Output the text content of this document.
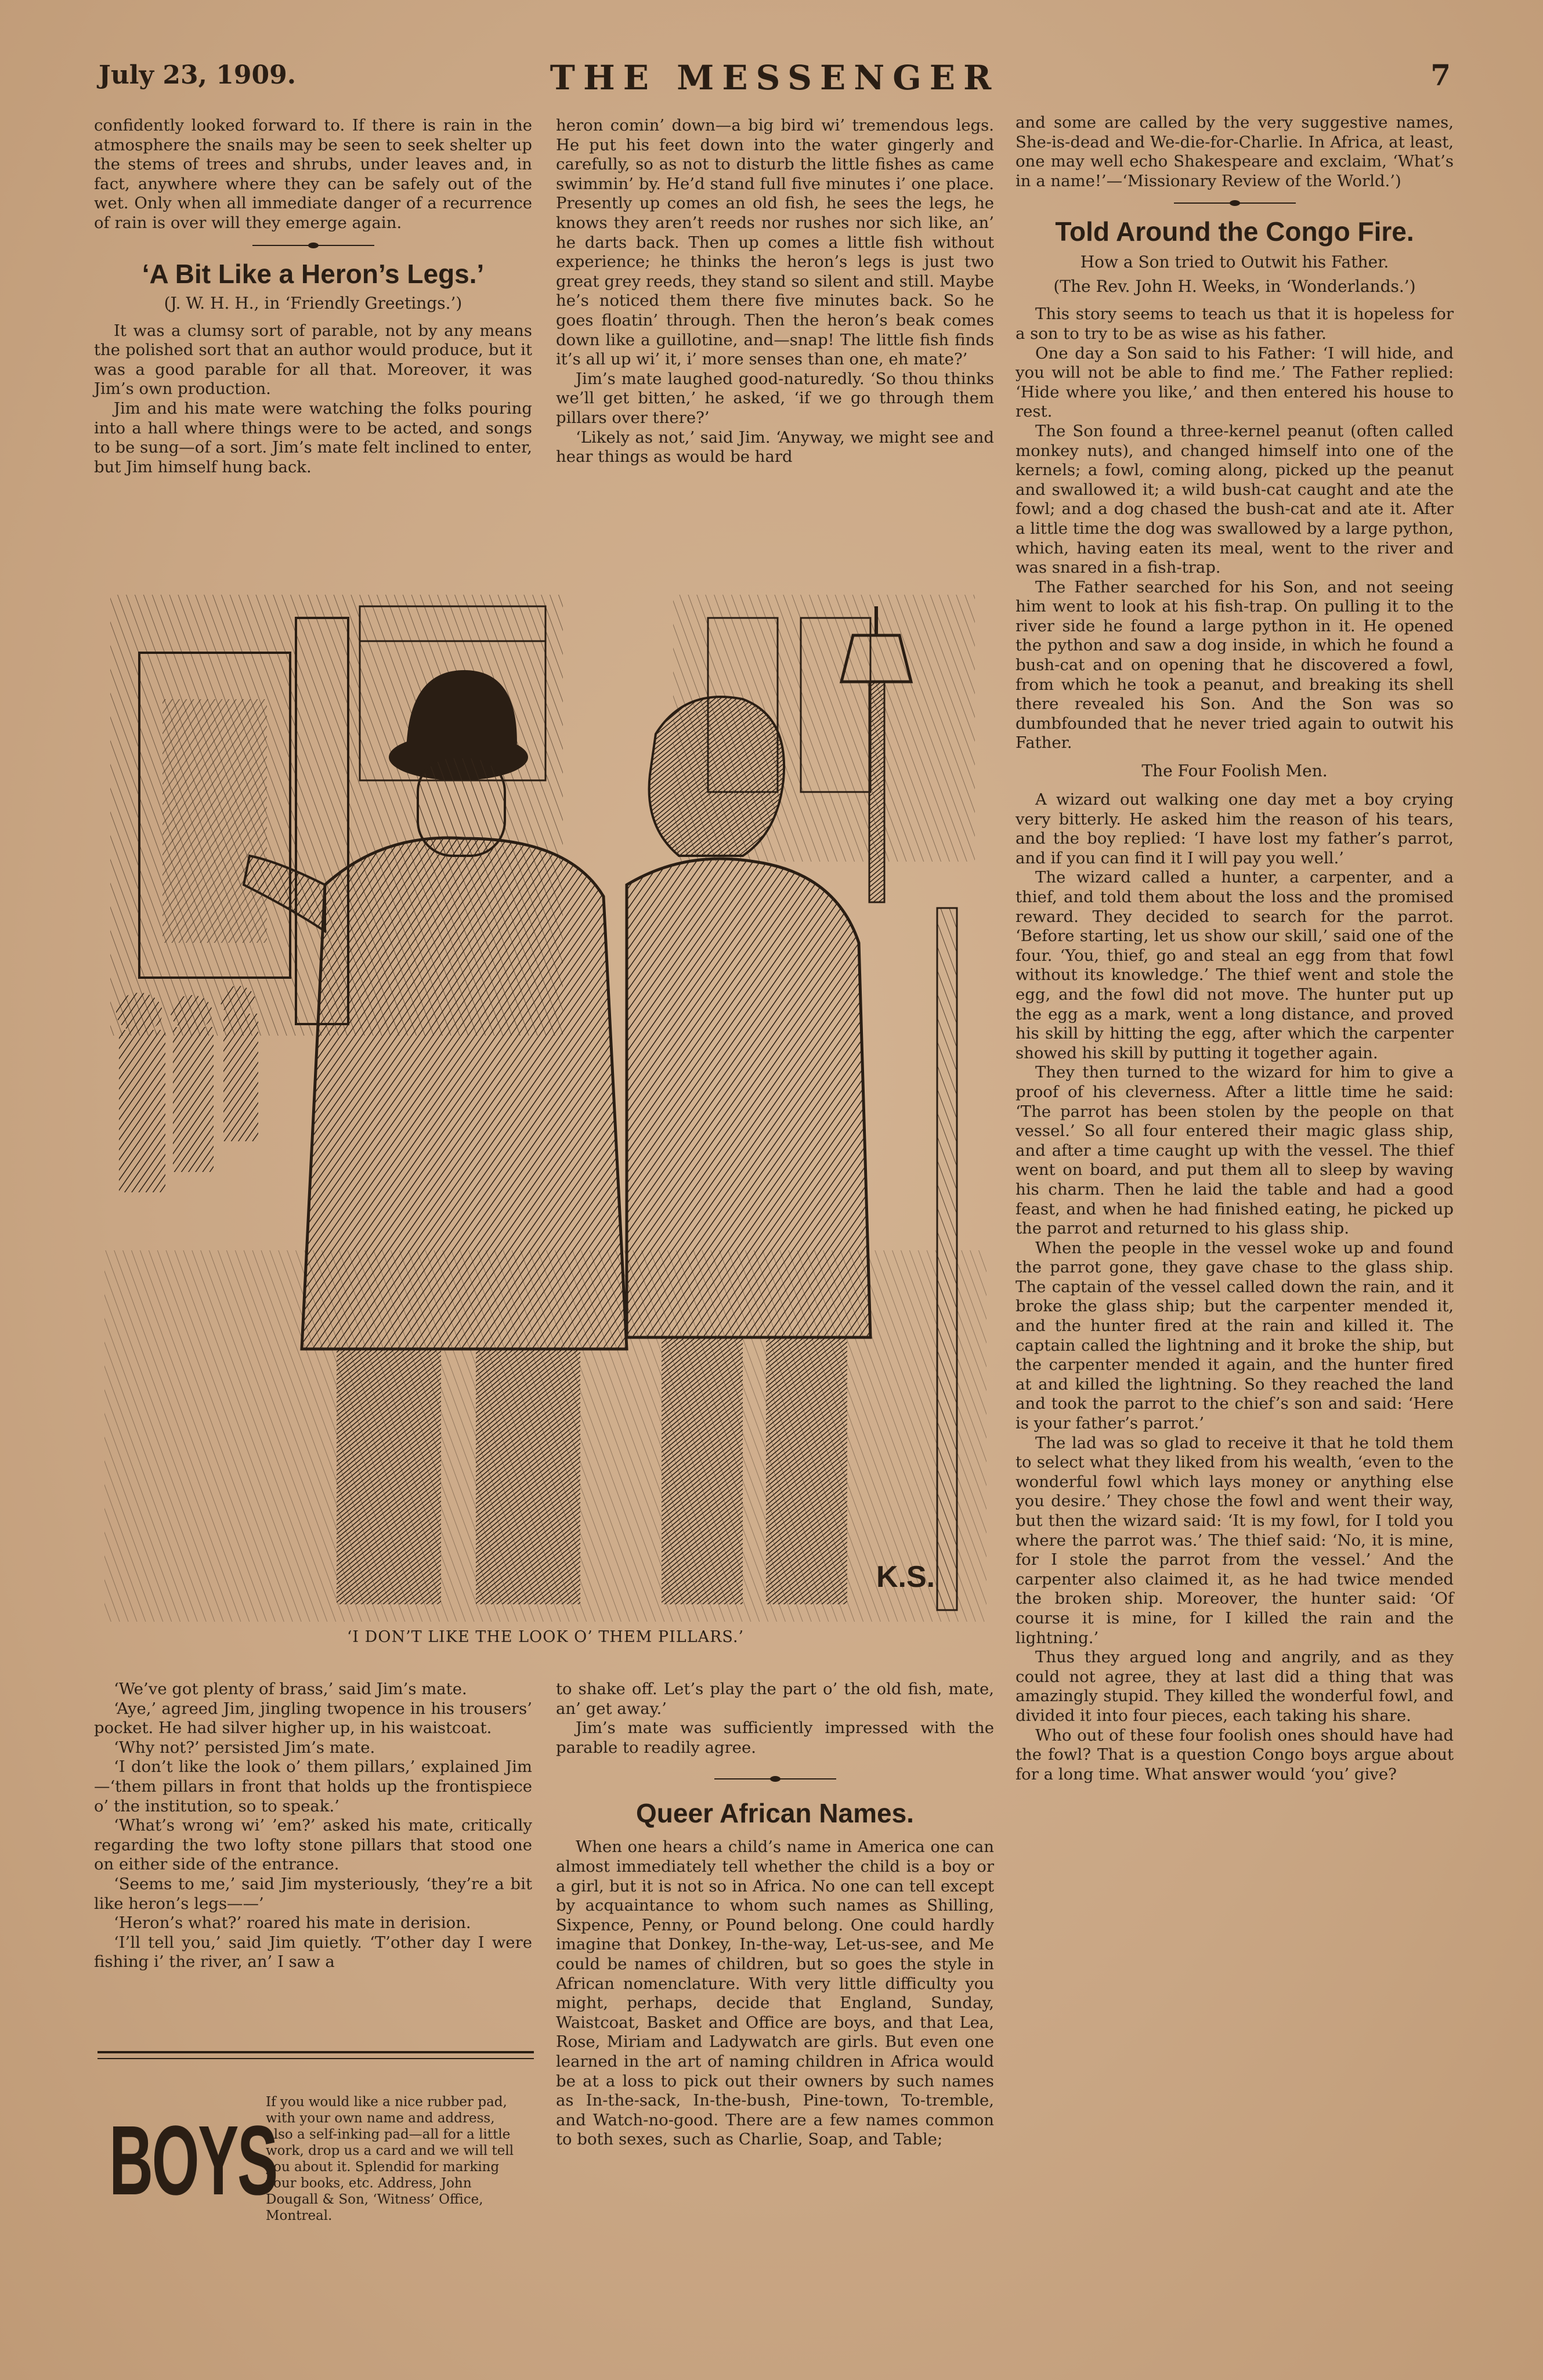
July 23, 1909.	THE MESSENGER	7

confidently looked forward to. If there is rain in the atmosphere the snails may be seen to seek shelter up the stems of trees and shrubs, under leaves and, in fact, anywhere where they can be safely out of the wet. Only when all immediate danger of a recurrence of rain is over will they emerge again.

‘A Bit Like a Heron’s Legs.’
(J. W. H. H., in ‘Friendly Greetings.’)

It was a clumsy sort of parable, not by any means the polished sort that an author would produce, but it was a good parable for all that. Moreover, it was Jim’s own production.

Jim and his mate were watching the folks pouring into a hall where things were to be acted, and songs to be sung—of a sort. Jim’s mate felt inclined to enter, but Jim himself hung back.

heron comin’ down—a big bird wi’ tremendous legs. He put his feet down into the water gingerly and carefully, so as not to disturb the little fishes as came swimmin’ by. He’d stand full five minutes i’ one place. Presently up comes an old fish, he sees the legs, he knows they aren’t reeds nor rushes nor sich like, an’ he darts back. Then up comes a little fish without experience; he thinks the heron’s legs is just two great grey reeds, they stand so silent and still. Maybe he’s noticed them there five minutes back. So he goes floatin’ through. Then the heron’s beak comes down like a guillotine, and—snap! The little fish finds it’s all up wi’ it, i’ more senses than one, eh mate?’

Jim’s mate laughed good-naturedly. ‘So thou thinks we’ll get bitten,’ he asked, ‘if we go through them pillars over there?’

‘Likely as not,’ said Jim. ‘Anyway, we might see and hear things as would be hard

K.S.
‘I DON’T LIKE THE LOOK O’ THEM PILLARS.’

‘We’ve got plenty of brass,’ said Jim’s mate.

‘Aye,’ agreed Jim, jingling twopence in his trousers’ pocket. He had silver higher up, in his waistcoat.

‘Why not?’ persisted Jim’s mate.

‘I don’t like the look o’ them pillars,’ explained Jim—‘them pillars in front that holds up the frontispiece o’ the institution, so to speak.’

‘What’s wrong wi’ ’em?’ asked his mate, critically regarding the two lofty stone pillars that stood one on either side of the entrance.

‘Seems to me,’ said Jim mysteriously, ‘they’re a bit like heron’s legs——’

‘Heron’s what?’ roared his mate in derision.

‘I’ll tell you,’ said Jim quietly. ‘T’other day I were fishing i’ the river, an’ I saw a

BOYS
If you would like a nice rubber pad, with your own name and address, also a self-inking pad—all for a little work, drop us a card and we will tell you about it. Splendid for marking your books, etc. Address, John Dougall & Son, ‘Witness’ Office, Montreal.

to shake off. Let’s play the part o’ the old fish, mate, an’ get away.’

Jim’s mate was sufficiently impressed with the parable to readily agree.

Queer African Names.

When one hears a child’s name in America one can almost immediately tell whether the child is a boy or a girl, but it is not so in Africa. No one can tell except by acquaintance to whom such names as Shilling, Sixpence, Penny, or Pound belong. One could hardly imagine that Donkey, In-the-way, Let-us-see, and Me could be names of children, but so goes the style in African nomenclature. With very little difficulty you might, perhaps, decide that England, Sunday, Waistcoat, Basket and Office are boys, and that Lea, Rose, Miriam and Ladywatch are girls. But even one learned in the art of naming children in Africa would be at a loss to pick out their owners by such names as In-the-sack, In-the-bush, Pine-town, To-tremble, and Watch-no-good. There are a few names common to both sexes, such as Charlie, Soap, and Table;

and some are called by the very suggestive names, She-is-dead and We-die-for-Charlie. In Africa, at least, one may well echo Shakespeare and exclaim, ‘What’s in a name!’—‘Missionary Review of the World.’)

Told Around the Congo Fire.
How a Son tried to Outwit his Father.
(The Rev. John H. Weeks, in ‘Wonderlands.’)

This story seems to teach us that it is hopeless for a son to try to be as wise as his father.

One day a Son said to his Father: ‘I will hide, and you will not be able to find me.’ The Father replied: ‘Hide where you like,’ and then entered his house to rest.

The Son found a three-kernel peanut (often called monkey nuts), and changed himself into one of the kernels; a fowl, coming along, picked up the peanut and swallowed it; a wild bush-cat caught and ate the fowl; and a dog chased the bush-cat and ate it. After a little time the dog was swallowed by a large python, which, having eaten its meal, went to the river and was snared in a fish-trap.

The Father searched for his Son, and not seeing him went to look at his fish-trap. On pulling it to the river side he found a large python in it. He opened the python and saw a dog inside, in which he found a bush-cat and on opening that he discovered a fowl, from which he took a peanut, and breaking its shell there revealed his Son. And the Son was so dumbfounded that he never tried again to outwit his Father.

The Four Foolish Men.

A wizard out walking one day met a boy crying very bitterly. He asked him the reason of his tears, and the boy replied: ‘I have lost my father’s parrot, and if you can find it I will pay you well.’

The wizard called a hunter, a carpenter, and a thief, and told them about the loss and the promised reward. They decided to search for the parrot. ‘Before starting, let us show our skill,’ said one of the four. ‘You, thief, go and steal an egg from that fowl without its knowledge.’ The thief went and stole the egg, and the fowl did not move. The hunter put up the egg as a mark, went a long distance, and proved his skill by hitting the egg, after which the carpenter showed his skill by putting it together again.

They then turned to the wizard for him to give a proof of his cleverness. After a little time he said: ‘The parrot has been stolen by the people on that vessel.’ So all four entered their magic glass ship, and after a time caught up with the vessel. The thief went on board, and put them all to sleep by waving his charm. Then he laid the table and had a good feast, and when he had finished eating, he picked up the parrot and returned to his glass ship.

When the people in the vessel woke up and found the parrot gone, they gave chase to the glass ship. The captain of the vessel called down the rain, and it broke the glass ship; but the carpenter mended it, and the hunter fired at the rain and killed it. The captain called the lightning and it broke the ship, but the carpenter mended it again, and the hunter fired at and killed the lightning. So they reached the land and took the parrot to the chief’s son and said: ‘Here is your father’s parrot.’

The lad was so glad to receive it that he told them to select what they liked from his wealth, ‘even to the wonderful fowl which lays money or anything else you desire.’ They chose the fowl and went their way, but then the wizard said: ‘It is my fowl, for I told you where the parrot was.’ The thief said: ‘No, it is mine, for I stole the parrot from the vessel.’ And the carpenter also claimed it, as he had twice mended the broken ship. Moreover, the hunter said: ‘Of course it is mine, for I killed the rain and the lightning.’

Thus they argued long and angrily, and as they could not agree, they at last did a thing that was amazingly stupid. They killed the wonderful fowl, and divided it into four pieces, each taking his share.

Who out of these four foolish ones should have had the fowl? That is a question Congo boys argue about for a long time. What answer would ‘you’ give?
